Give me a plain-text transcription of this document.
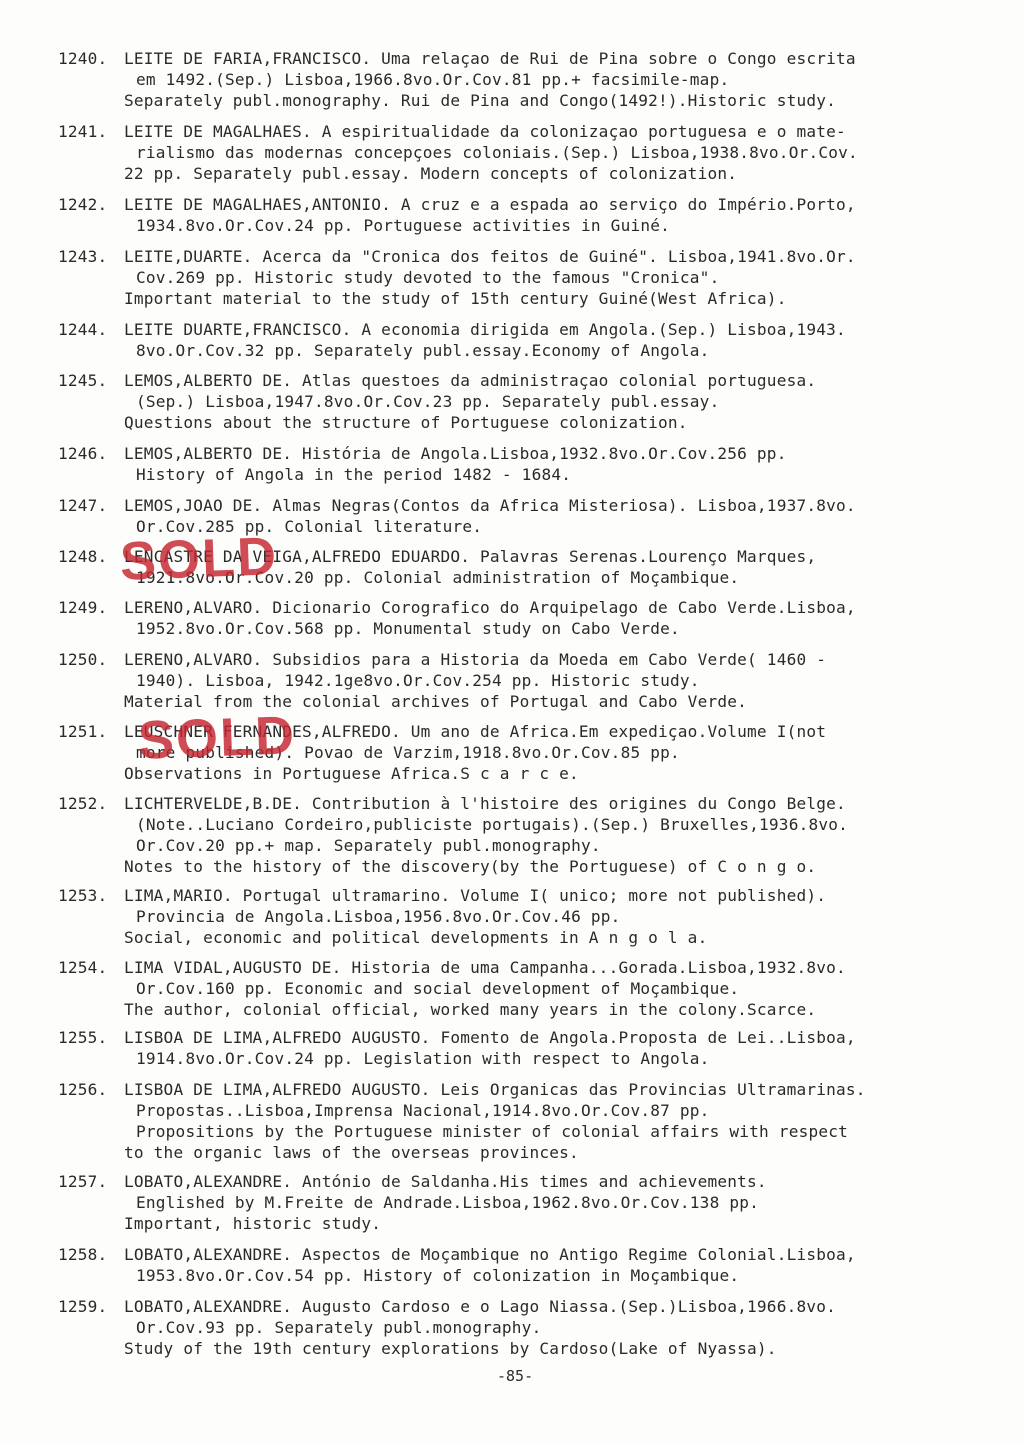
1240. LEITE DE FARIA,FRANCISCO. Uma relaçao de Rui de Pina sobre o Congo escrita
em 1492.(Sep.) Lisboa,1966.8vo.Or.Cov.81 pp.+ facsimile-map.
Separately publ.monography. Rui de Pina and Congo(1492!).Historic study.
1241. LEITE DE MAGALHAES. A espiritualidade da colonizaçao portuguesa e o mate-
rialismo das modernas concepçoes coloniais.(Sep.) Lisboa,1938.8vo.Or.Cov.
22 pp. Separately publ.essay. Modern concepts of colonization.
1242. LEITE DE MAGALHAES,ANTONIO. A cruz e a espada ao serviço do Império.Porto,
1934.8vo.Or.Cov.24 pp. Portuguese activities in Guiné.
1243. LEITE,DUARTE. Acerca da "Cronica dos feitos de Guiné". Lisboa,1941.8vo.Or.
Cov.269 pp. Historic study devoted to the famous "Cronica".
Important material to the study of 15th century Guiné(West Africa).
1244. LEITE DUARTE,FRANCISCO. A economia dirigida em Angola.(Sep.) Lisboa,1943.
8vo.Or.Cov.32 pp. Separately publ.essay.Economy of Angola.
1245. LEMOS,ALBERTO DE. Atlas questoes da administraçao colonial portuguesa.
(Sep.) Lisboa,1947.8vo.Or.Cov.23 pp. Separately publ.essay.
Questions about the structure of Portuguese colonization.
1246. LEMOS,ALBERTO DE. História de Angola.Lisboa,1932.8vo.Or.Cov.256 pp.
History of Angola in the period 1482 - 1684.
1247. LEMOS,JOAO DE. Almas Negras(Contos da Africa Misteriosa). Lisboa,1937.8vo.
Or.Cov.285 pp. Colonial literature.
1248. LENCASTRE DA VEIGA,ALFREDO EDUARDO. Palavras Serenas.Lourenço Marques,
1921.8vo.Or.Cov.20 pp. Colonial administration of Moçambique.
1249. LERENO,ALVARO. Dicionario Corografico do Arquipelago de Cabo Verde.Lisboa,
1952.8vo.Or.Cov.568 pp. Monumental study on Cabo Verde.
1250. LERENO,ALVARO. Subsidios para a Historia da Moeda em Cabo Verde( 1460 -
1940). Lisboa, 1942.1ge8vo.Or.Cov.254 pp. Historic study.
Material from the colonial archives of Portugal and Cabo Verde.
1251. LEUSCHNER FERNANDES,ALFREDO. Um ano de Africa.Em expediçao.Volume I(not
more published). Povao de Varzim,1918.8vo.Or.Cov.85 pp.
Observations in Portuguese Africa.S c a r c e.
1252. LICHTERVELDE,B.DE. Contribution à l'histoire des origines du Congo Belge.
(Note..Luciano Cordeiro,publiciste portugais).(Sep.) Bruxelles,1936.8vo.
Or.Cov.20 pp.+ map. Separately publ.monography.
Notes to the history of the discovery(by the Portuguese) of C o n g o.
1253. LIMA,MARIO. Portugal ultramarino. Volume I( unico; more not published).
Provincia de Angola.Lisboa,1956.8vo.Or.Cov.46 pp.
Social, economic and political developments in A n g o l a.
1254. LIMA VIDAL,AUGUSTO DE. Historia de uma Campanha...Gorada.Lisboa,1932.8vo.
Or.Cov.160 pp. Economic and social development of Moçambique.
The author, colonial official, worked many years in the colony.Scarce.
1255. LISBOA DE LIMA,ALFREDO AUGUSTO. Fomento de Angola.Proposta de Lei..Lisboa,
1914.8vo.Or.Cov.24 pp. Legislation with respect to Angola.
1256. LISBOA DE LIMA,ALFREDO AUGUSTO. Leis Organicas das Provincias Ultramarinas.
Propostas..Lisboa,Imprensa Nacional,1914.8vo.Or.Cov.87 pp.
Propositions by the Portuguese minister of colonial affairs with respect
to the organic laws of the overseas provinces.
1257. LOBATO,ALEXANDRE. António de Saldanha.His times and achievements.
Englished by M.Freite de Andrade.Lisboa,1962.8vo.Or.Cov.138 pp.
Important, historic study.
1258. LOBATO,ALEXANDRE. Aspectos de Moçambique no Antigo Regime Colonial.Lisboa,
1953.8vo.Or.Cov.54 pp. History of colonization in Moçambique.
1259. LOBATO,ALEXANDRE. Augusto Cardoso e o Lago Niassa.(Sep.)Lisboa,1966.8vo.
Or.Cov.93 pp. Separately publ.monography.
Study of the 19th century explorations by Cardoso(Lake of Nyassa).
SOLD
SOLD
-85-
